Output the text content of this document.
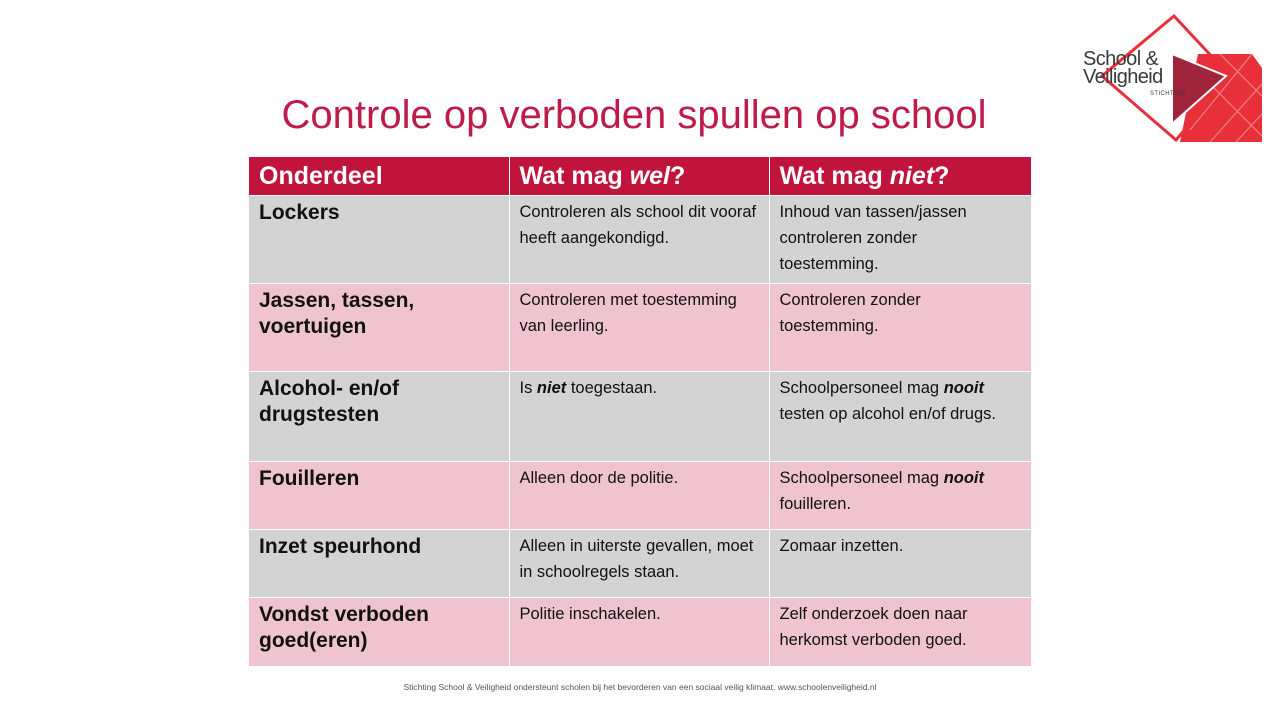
School &
Veiligheid
STICHTING
Controle op verboden spullen op school
Onderdeel	Wat mag wel?	Wat mag niet?
Lockers	Controleren als school dit vooraf heeft aangekondigd.	Inhoud van tassen/jassen controleren zonder toestemming.
Jassen, tassen, voertuigen	Controleren met toestemming van leerling.	Controleren zonder toestemming.
Alcohol- en/of drugstesten	Is niet toegestaan.	Schoolpersoneel mag nooit testen op alcohol en/of drugs.
Fouilleren	Alleen door de politie.	Schoolpersoneel mag nooit fouilleren.
Inzet speurhond	Alleen in uiterste gevallen, moet in schoolregels staan.	Zomaar inzetten.
Vondst verboden goed(eren)	Politie inschakelen.	Zelf onderzoek doen naar herkomst verboden goed.
Stichting School & Veiligheid ondersteunt scholen bij het bevorderen van een sociaal veilig klimaat. www.schoolenveiligheid.nl
